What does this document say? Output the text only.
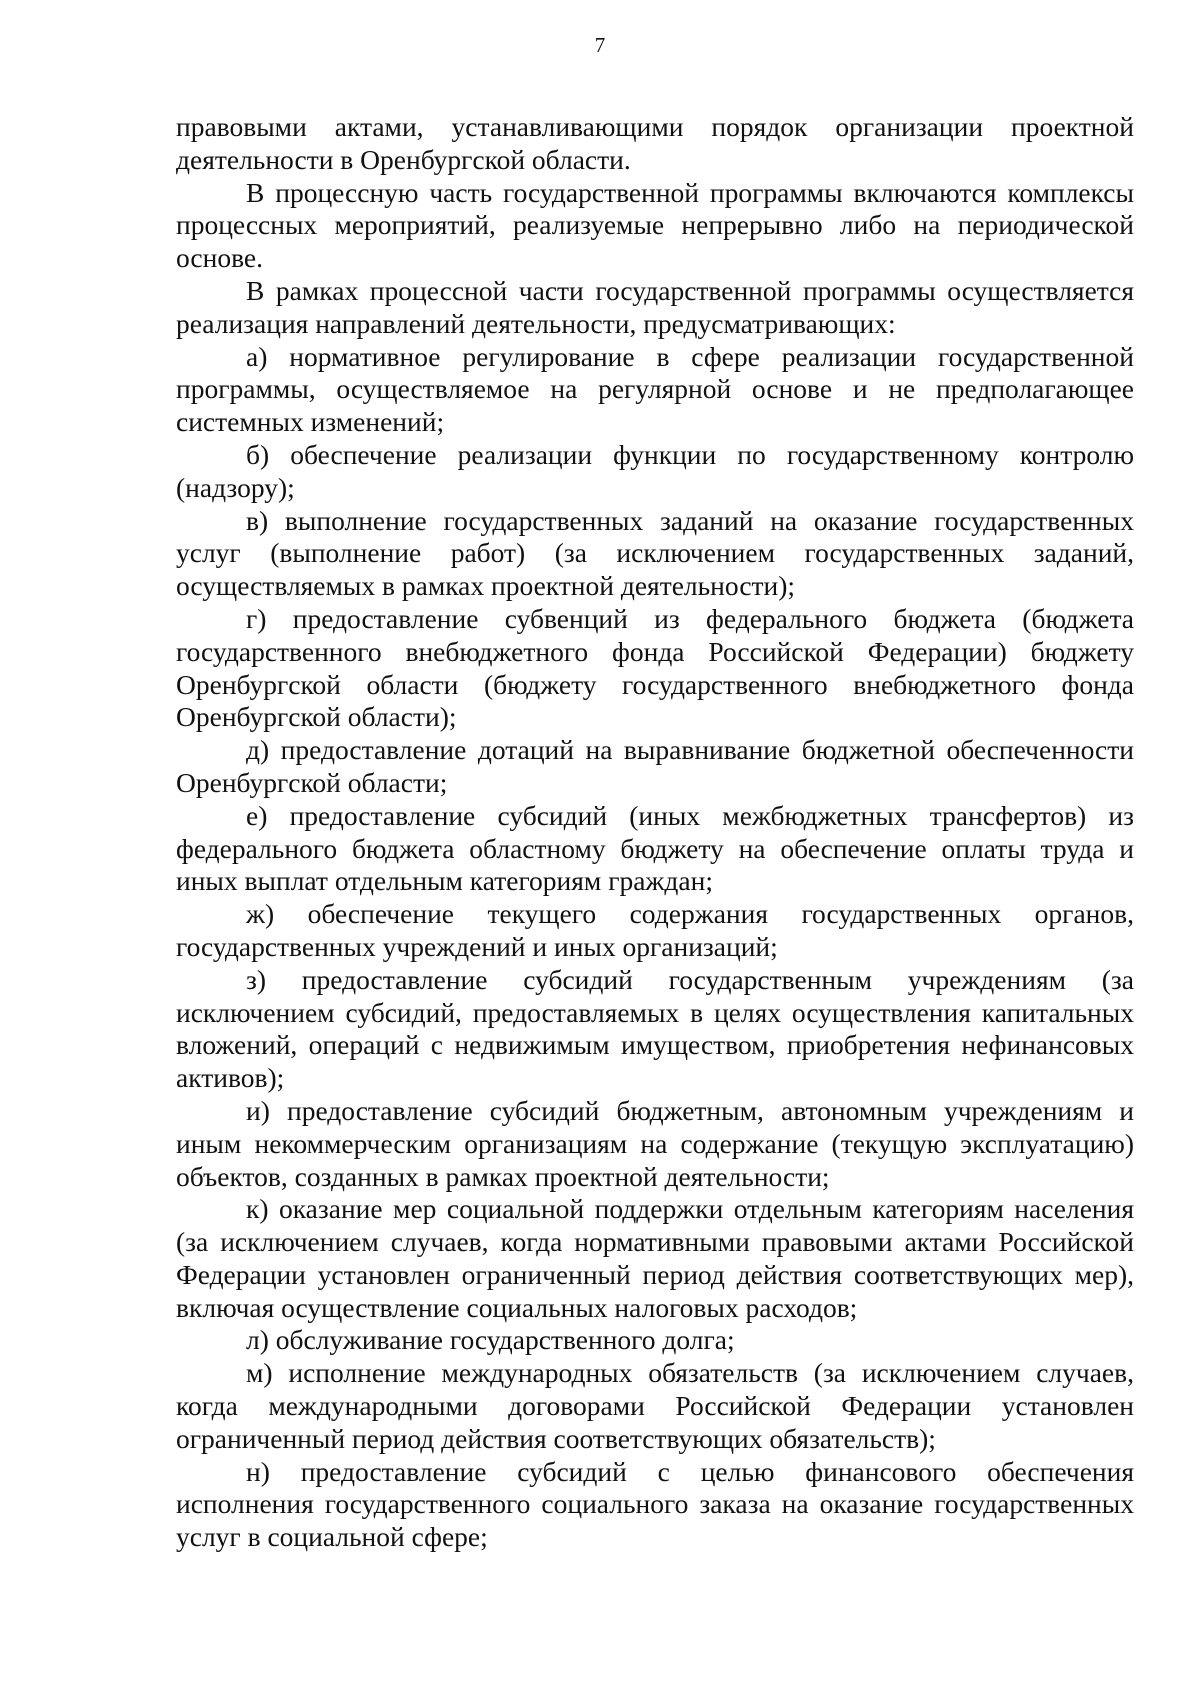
7

правовыми актами, устанавливающими порядок организации проектной деятельности в Оренбургской области.

В процессную часть государственной программы включаются комплексы процессных мероприятий, реализуемые непрерывно либо на периодической основе.

В рамках процессной части государственной программы осуществляется реализация направлений деятельности, предусматривающих:

а) нормативное регулирование в сфере реализации государственной программы, осуществляемое на регулярной основе и не предполагающее системных изменений;

б) обеспечение реализации функции по государственному контролю (надзору);

в) выполнение государственных заданий на оказание государственных услуг (выполнение работ) (за исключением государственных заданий, осуществляемых в рамках проектной деятельности);

г) предоставление субвенций из федерального бюджета (бюджета государственного внебюджетного фонда Российской Федерации) бюджету Оренбургской области (бюджету государственного внебюджетного фонда Оренбургской области);

д) предоставление дотаций на выравнивание бюджетной обеспеченности Оренбургской области;

е) предоставление субсидий (иных межбюджетных трансфертов) из федерального бюджета областному бюджету на обеспечение оплаты труда и иных выплат отдельным категориям граждан;

ж) обеспечение текущего содержания государственных органов, государственных учреждений и иных организаций;

з) предоставление субсидий государственным учреждениям (за исключением субсидий, предоставляемых в целях осуществления капитальных вложений, операций с недвижимым имуществом, приобретения нефинансовых активов);

и) предоставление субсидий бюджетным, автономным учреждениям и иным некоммерческим организациям на содержание (текущую эксплуатацию) объектов, созданных в рамках проектной деятельности;

к) оказание мер социальной поддержки отдельным категориям населения (за исключением случаев, когда нормативными правовыми актами Российской Федерации установлен ограниченный период действия соответствующих мер), включая осуществление социальных налоговых расходов;

л) обслуживание государственного долга;

м) исполнение международных обязательств (за исключением случаев, когда международными договорами Российской Федерации установлен ограниченный период действия соответствующих обязательств);

н) предоставление субсидий с целью финансового обеспечения исполнения государственного социального заказа на оказание государственных услуг в социальной сфере;
